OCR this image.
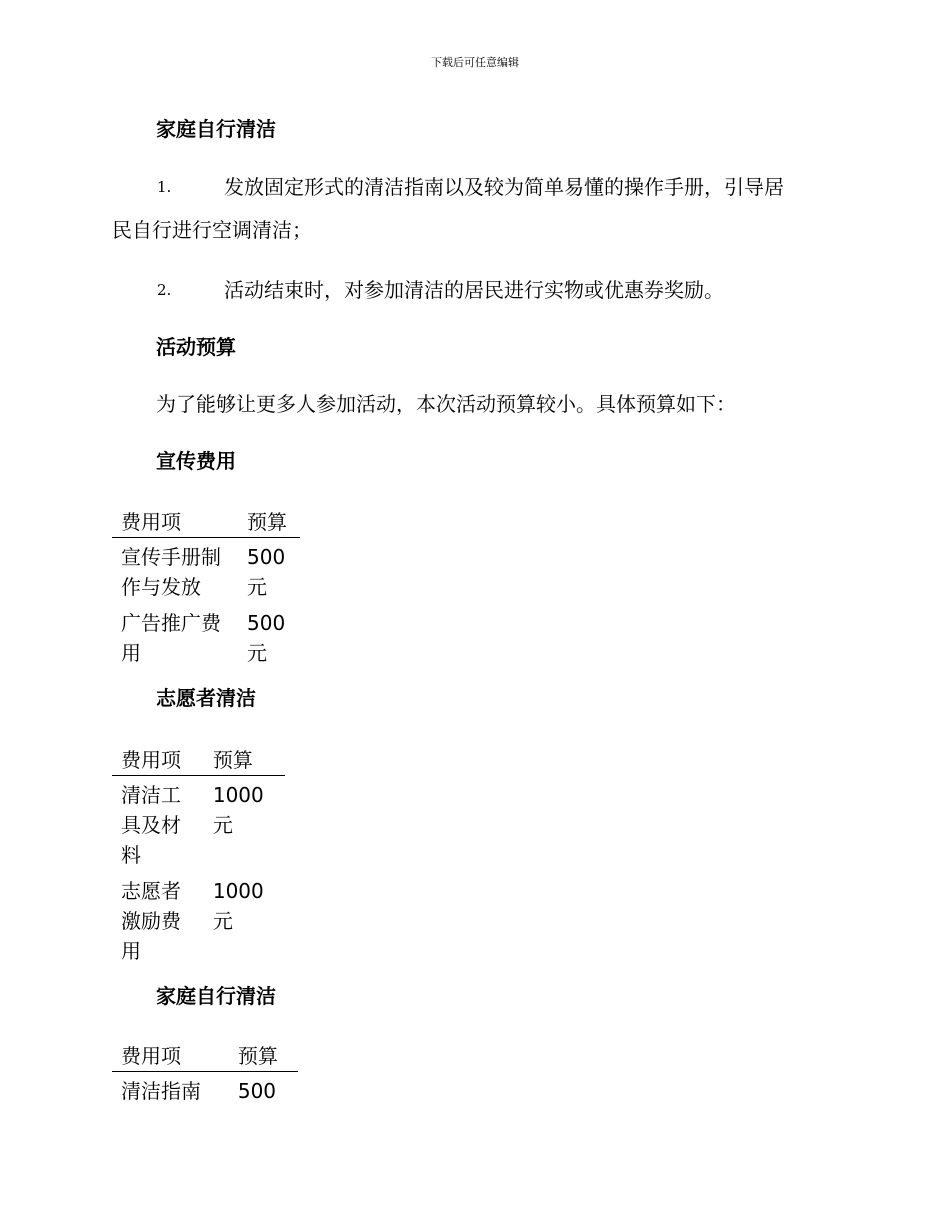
下载后可任意编辑
家庭自行清洁
1.	发放固定形式的清洁指南以及较为简单易懂的操作手册，引导居
民自行进行空调清洁；
2.	活动结束时，对参加清洁的居民进行实物或优惠券奖励。
活动预算
为了能够让更多人参加活动，本次活动预算较小。具体预算如下：
宣传费用
费用项	预算

宣传手册制
作与发放	500
元

广告推广费
用	500
元
志愿者清洁
费用项	预算

清洁工
具及材
料	1000
元

志愿者
激励费
用	1000
元
家庭自行清洁
费用项	预算

清洁指南	500
